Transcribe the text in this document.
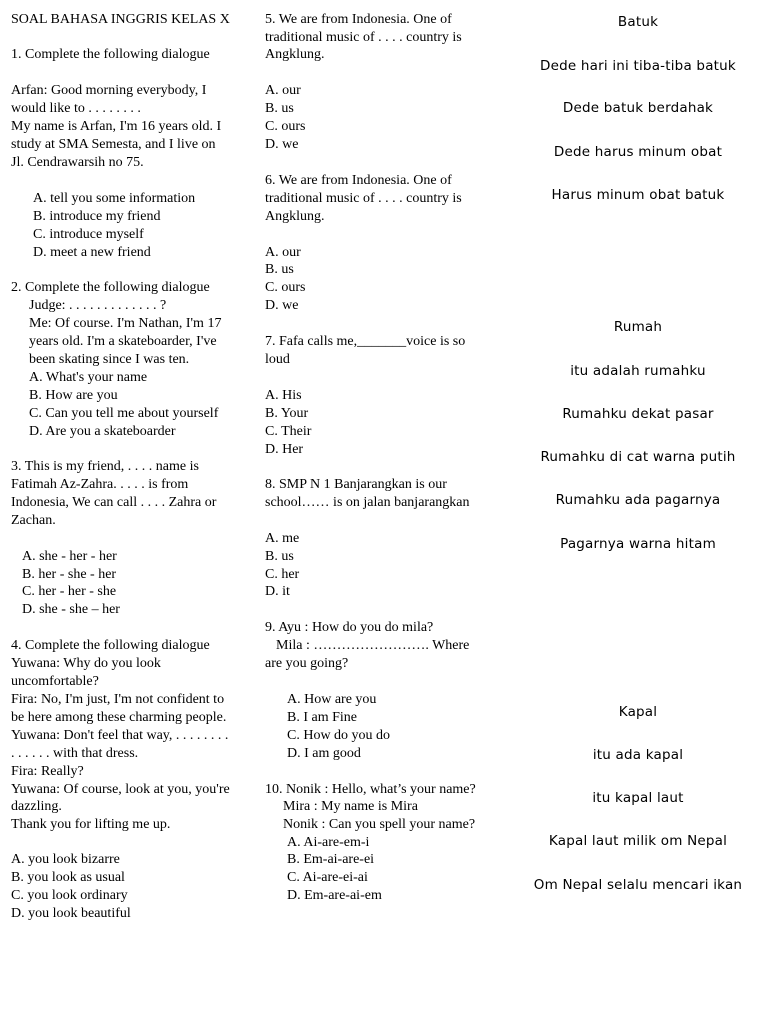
SOAL BAHASA INGGRIS KELAS X
1. Complete the following dialogue
Arfan: Good morning everybody, I
would like to . . . . . . . .
My name is Arfan, I'm 16 years old. I
study at SMA Semesta, and I live on
Jl. Cendrawarsih no 75.
A. tell you some information
B. introduce my friend
C. introduce myself
D. meet a new friend
2. Complete the following dialogue
Judge: . . . . . . . . . . . . . ?
Me: Of course. I'm Nathan, I'm 17
years old. I'm a skateboarder, I've
been skating since I was ten.
A. What's your name
B. How are you
C. Can you tell me about yourself
D. Are you a skateboarder
3. This is my friend, . . . . name is
Fatimah Az-Zahra. . . . . is from
Indonesia, We can call . . . . Zahra or
Zachan.
A. she - her - her
B. her - she - her
C. her - her - she
D. she - she – her
4. Complete the following dialogue
Yuwana: Why do you look
uncomfortable?
Fira: No, I'm just, I'm not confident to
be here among these charming people.
Yuwana: Don't feel that way, . . . . . . . .
. . . . . . with that dress.
Fira: Really?
Yuwana: Of course, look at you, you're
dazzling.
Thank you for lifting me up.
A. you look bizarre
B. you look as usual
C. you look ordinary
D. you look beautiful
5. We are from Indonesia. One of
traditional music of . . . . country is
Angklung.
A. our
B. us
C. ours
D. we
6. We are from Indonesia. One of
traditional music of . . . . country is
Angklung.
A. our
B. us
C. ours
D. we
7. Fafa calls me,_______voice is so
loud
A. His
B. Your
C. Their
D. Her
8. SMP N 1 Banjarangkan is our
school…… is on jalan banjarangkan
A. me
B. us
C. her
D. it
9. Ayu : How do you do mila?
Mila : ……………………. Where
are you going?
A. How are you
B. I am Fine
C. How do you do
D. I am good
10. Nonik : Hello, what’s your name?
Mira : My name is Mira
Nonik : Can you spell your name?
A. Ai-are-em-i
B. Em-ai-are-ei
C. Ai-are-ei-ai
D. Em-are-ai-em
Batuk
Dede hari ini tiba-tiba batuk
Dede batuk berdahak
Dede harus minum obat
Harus minum obat batuk
Rumah
itu adalah rumahku
Rumahku dekat pasar
Rumahku di cat warna putih
Rumahku ada pagarnya
Pagarnya warna hitam
Kapal
itu ada kapal
itu kapal laut
Kapal laut milik om Nepal
Om Nepal selalu mencari ikan
